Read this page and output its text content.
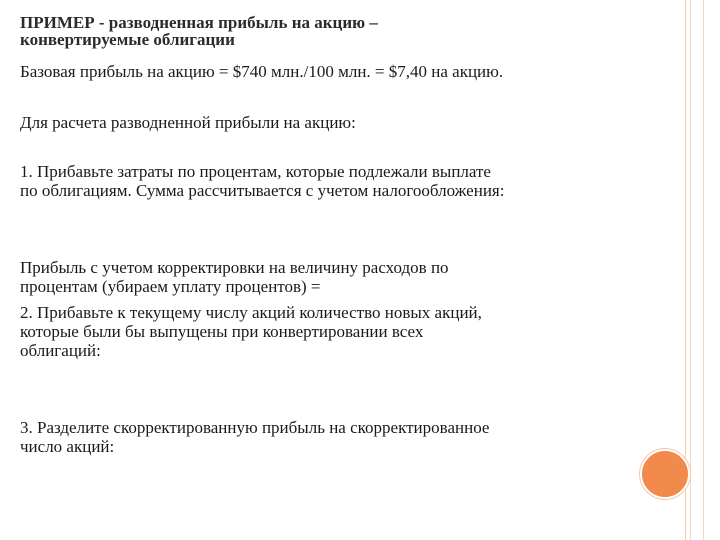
ПРИМЕР - разводненная прибыль на акцию –
конвертируемые облигации

Базовая прибыль на акцию = $740 млн./100 млн. = $7,40 на акцию.

Для расчета разводненной прибыли на акцию:

1. Прибавьте затраты по процентам, которые подлежали выплате
по облигациям. Сумма рассчитывается с учетом налогообложения:

Прибыль с учетом корректировки на величину расходов по
процентам (убираем уплату процентов) =

2. Прибавьте к текущему числу акций количество новых акций,
которые были бы выпущены при конвертировании всех
облигаций:

3. Разделите скорректированную прибыль на скорректированное
число акций:
